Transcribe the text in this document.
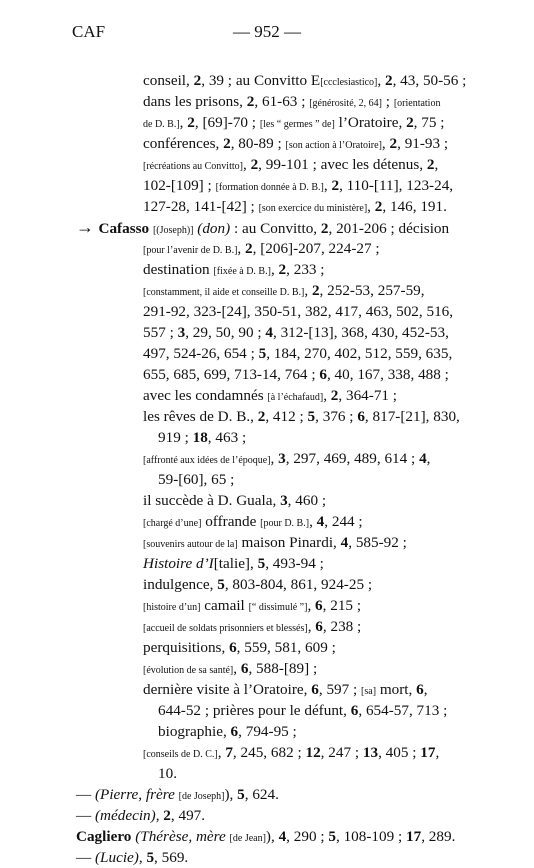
CAF	— 952 —
conseil, 2, 39 ; au Convitto E[ccclesiastico], 2, 43, 50-56 ;
dans les prisons, 2, 61-63 ; [générosité, 2, 64] ; [orientation
de D. B.], 2, [69]-70 ; [les “ germes ” de] l’Oratoire, 2, 75 ;
conférences, 2, 80-89 ; [son action à l’Oratoire], 2, 91-93 ;
[récréations au Convitto], 2, 99-101 ; avec les détenus, 2,
102-[109] ; [formation donnée à D. B.], 2, 110-[11], 123-24,
127-28, 141-[42] ; [son exercice du ministère], 2, 146, 191.
→ Cafasso [(Joseph)] (don) : au Convitto, 2, 201-206 ; décision
[pour l’avenir de D. B.], 2, [206]-207, 224-27 ;
destination [fixée à D. B.], 2, 233 ;
[constamment, il aide et conseille D. B.], 2, 252-53, 257-59,
291-92, 323-[24], 350-51, 382, 417, 463, 502, 516,
557 ; 3, 29, 50, 90 ; 4, 312-[13], 368, 430, 452-53,
497, 524-26, 654 ; 5, 184, 270, 402, 512, 559, 635,
655, 685, 699, 713-14, 764 ; 6, 40, 167, 338, 488 ;
avec les condamnés [à l’échafaud], 2, 364-71 ;
les rêves de D. B., 2, 412 ; 5, 376 ; 6, 817-[21], 830,
919 ; 18, 463 ;
[affronté aux idées de l’époque], 3, 297, 469, 489, 614 ; 4,
59-[60], 65 ;
il succède à D. Guala, 3, 460 ;
[chargé d’une] offrande [pour D. B.], 4, 244 ;
[souvenirs autour de la] maison Pinardi, 4, 585-92 ;
Histoire d’I[talie], 5, 493-94 ;
indulgence, 5, 803-804, 861, 924-25 ;
[histoire d’un] camail [“ dissimulé ”], 6, 215 ;
[accueil de soldats prisonniers et blessés], 6, 238 ;
perquisitions, 6, 559, 581, 609 ;
[évolution de sa santé], 6, 588-[89] ;
dernière visite à l’Oratoire, 6, 597 ; [sa] mort, 6,
644-52 ; prières pour le défunt, 6, 654-57, 713 ;
biographie, 6, 794-95 ;
[conseils de D. C.], 7, 245, 682 ; 12, 247 ; 13, 405 ; 17,
10.
— (Pierre, frère [de Joseph]), 5, 624.
— (médecin), 2, 497.
Cagliero (Thérèse, mère [de Jean]), 4, 290 ; 5, 108-109 ; 17, 289.
— (Lucie), 5, 569.
